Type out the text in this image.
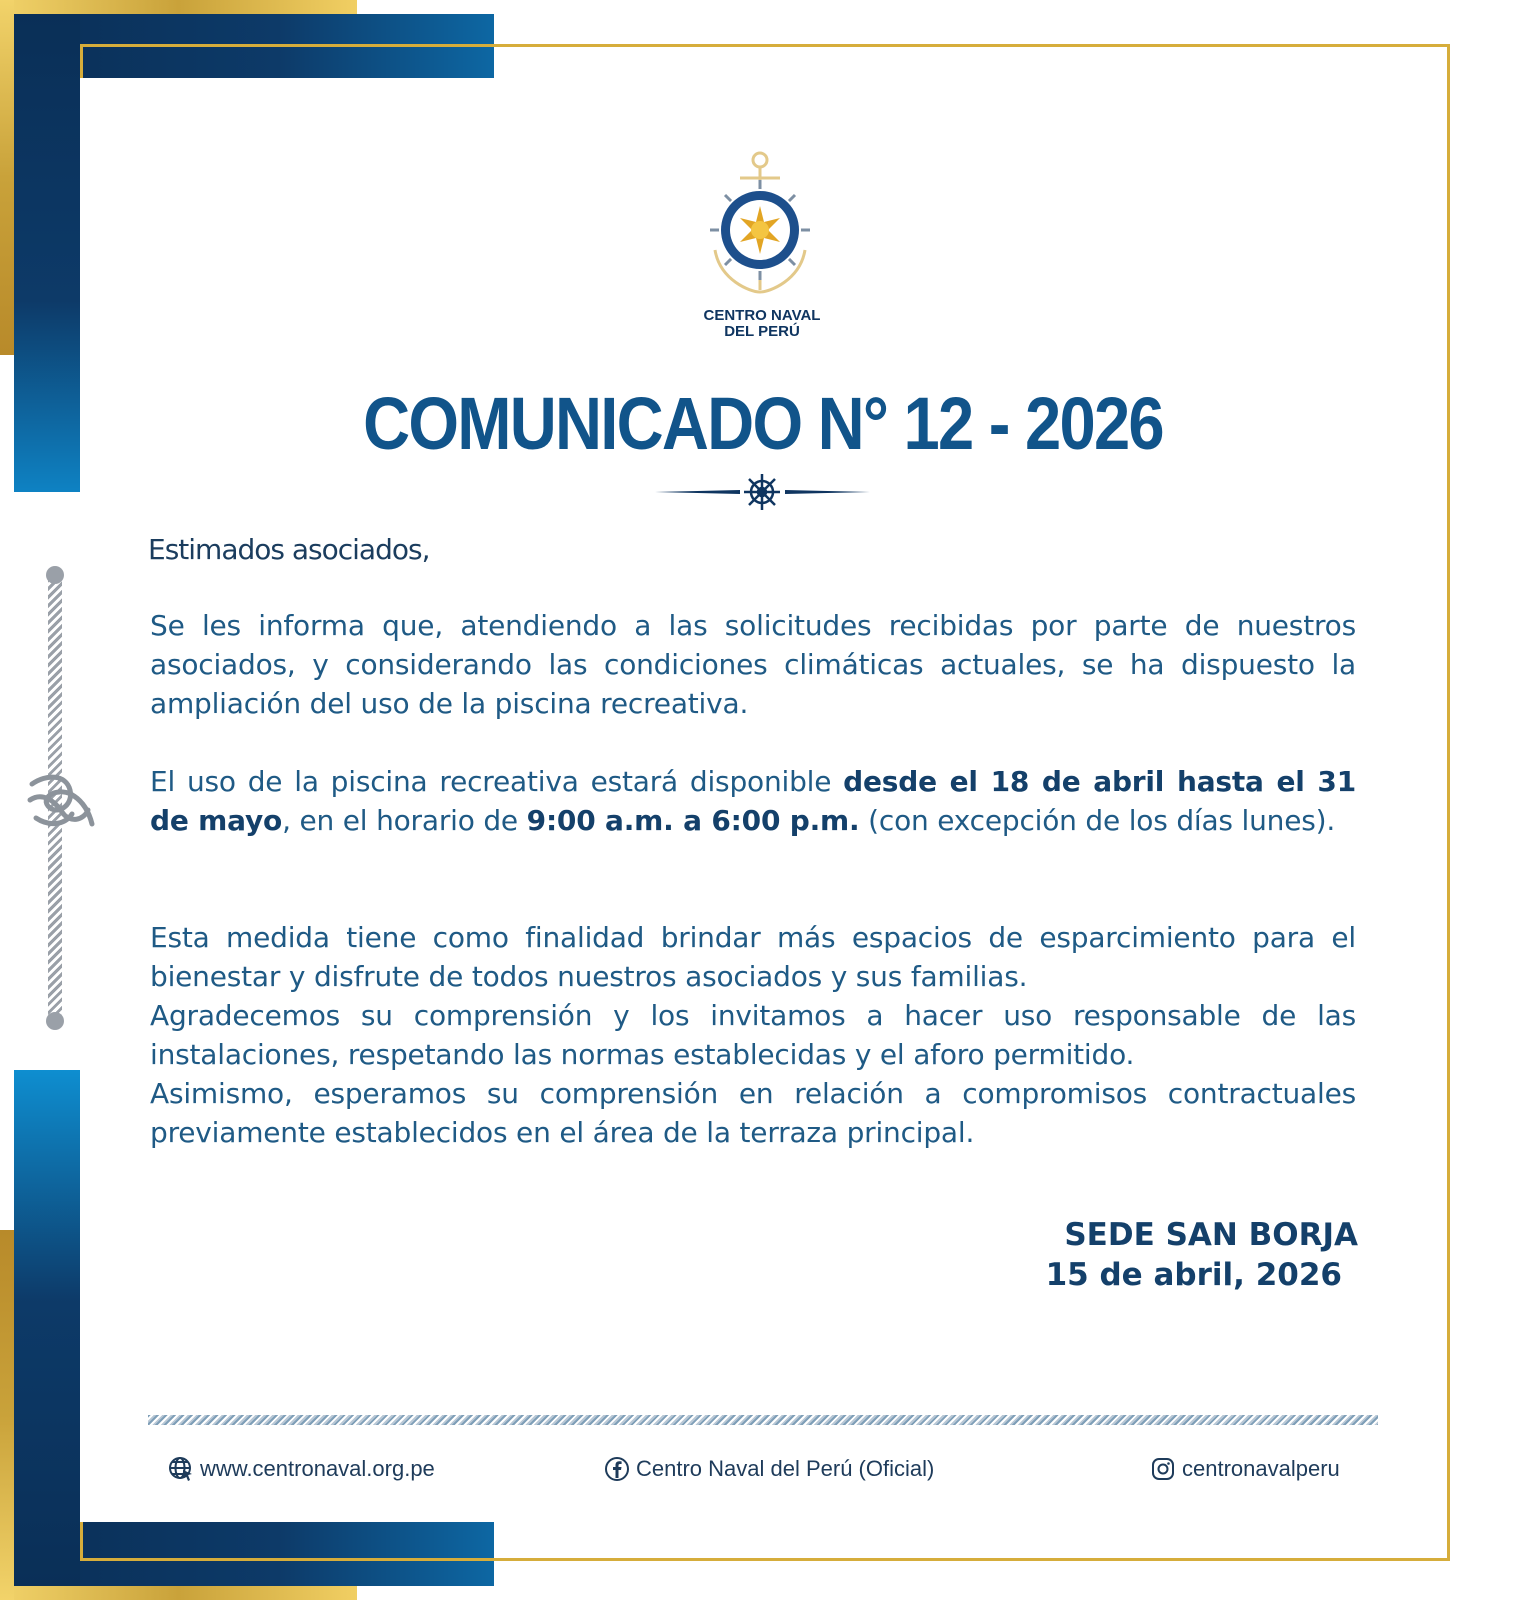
CENTRO NAVAL
DEL PERÚ
COMUNICADO N° 12 - 2026
Estimados asociados,
Se les informa que, atendiendo a las solicitudes recibidas por parte de nuestros asociados, y considerando las condiciones climáticas actuales, se ha dispuesto la ampliación del uso de la piscina recreativa.
El uso de la piscina recreativa estará disponible desde el 18 de abril hasta el 31 de mayo, en el horario de 9:00 a.m. a 6:00 p.m. (con excepción de los días lunes).
Esta medida tiene como finalidad brindar más espacios de esparcimiento para el bienestar y disfrute de todos nuestros asociados y sus familias.
Agradecemos su comprensión y los invitamos a hacer uso responsable de las instalaciones, respetando las normas establecidas y el aforo permitido.
Asimismo, esperamos su comprensión en relación a compromisos contractuales previamente establecidos en el área de la terraza principal.
SEDE SAN BORJA
15 de abril, 2026
www.centronaval.org.pe	Centro Naval del Perú (Oficial)	centronavalperu
